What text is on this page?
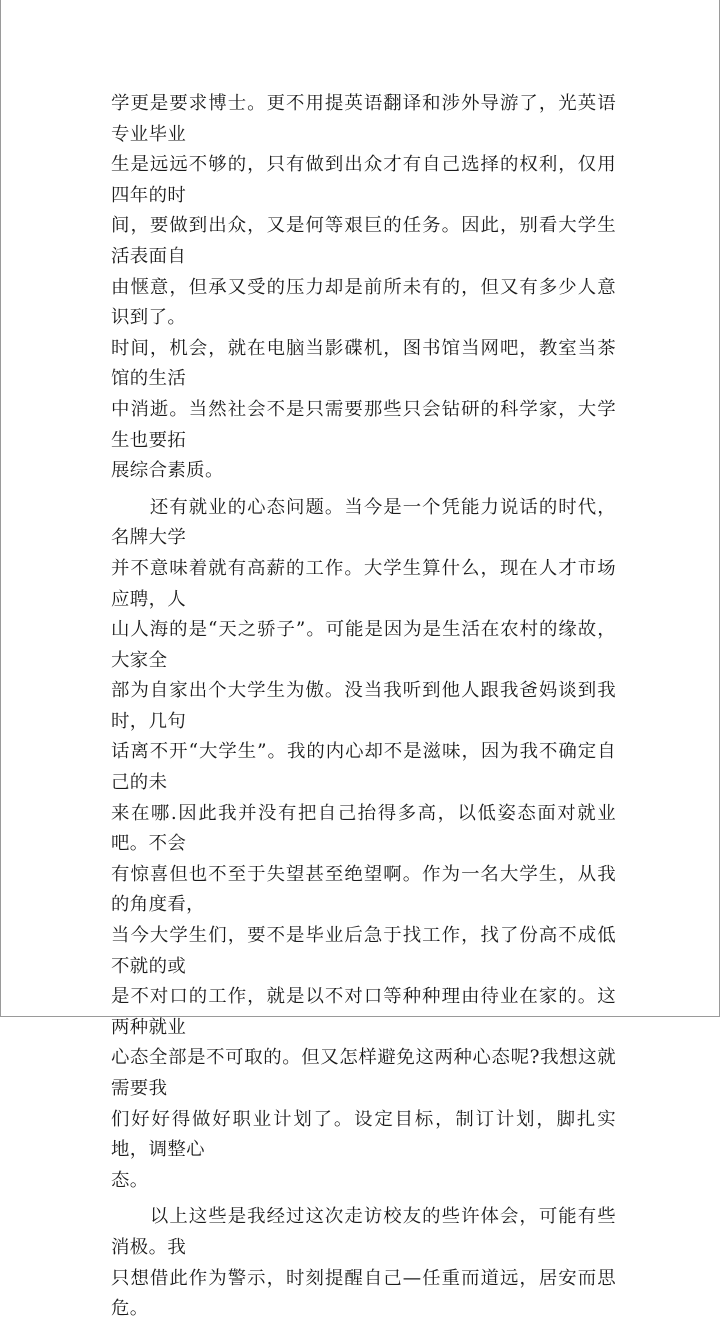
学更是要求博士。更不用提英语翻译和涉外导游了，光英语专业毕业
生是远远不够的，只有做到出众才有自己选择的权利，仅用四年的时
间，要做到出众，又是何等艰巨的任务。因此，别看大学生活表面自
由惬意，但承又受的压力却是前所未有的，但又有多少人意识到了。
时间，机会，就在电脑当影碟机，图书馆当网吧，教室当茶馆的生活
中消逝。当然社会不是只需要那些只会钻研的科学家，大学生也要拓
展综合素质。

　　还有就业的心态问题。当今是一个凭能力说话的时代，名牌大学
并不意味着就有高薪的工作。大学生算什么，现在人才市场应聘，人
山人海的是“天之骄子”。可能是因为是生活在农村的缘故，大家全
部为自家出个大学生为傲。没当我听到他人跟我爸妈谈到我时，几句
话离不开“大学生”。我的内心却不是滋味，因为我不确定自己的未
来在哪.因此我并没有把自己抬得多高，以低姿态面对就业吧。不会
有惊喜但也不至于失望甚至绝望啊。作为一名大学生，从我的角度看，
当今大学生们，要不是毕业后急于找工作，找了份高不成低不就的或
是不对口的工作，就是以不对口等种种理由待业在家的。这两种就业
心态全部是不可取的。但又怎样避免这两种心态呢?我想这就需要我
们好好得做好职业计划了。设定目标，制订计划，脚扎实地，调整心
态。

　　以上这些是我经过这次走访校友的些许体会，可能有些消极。我
只想借此作为警示，时刻提醒自己—任重而道远，居安而思危。
